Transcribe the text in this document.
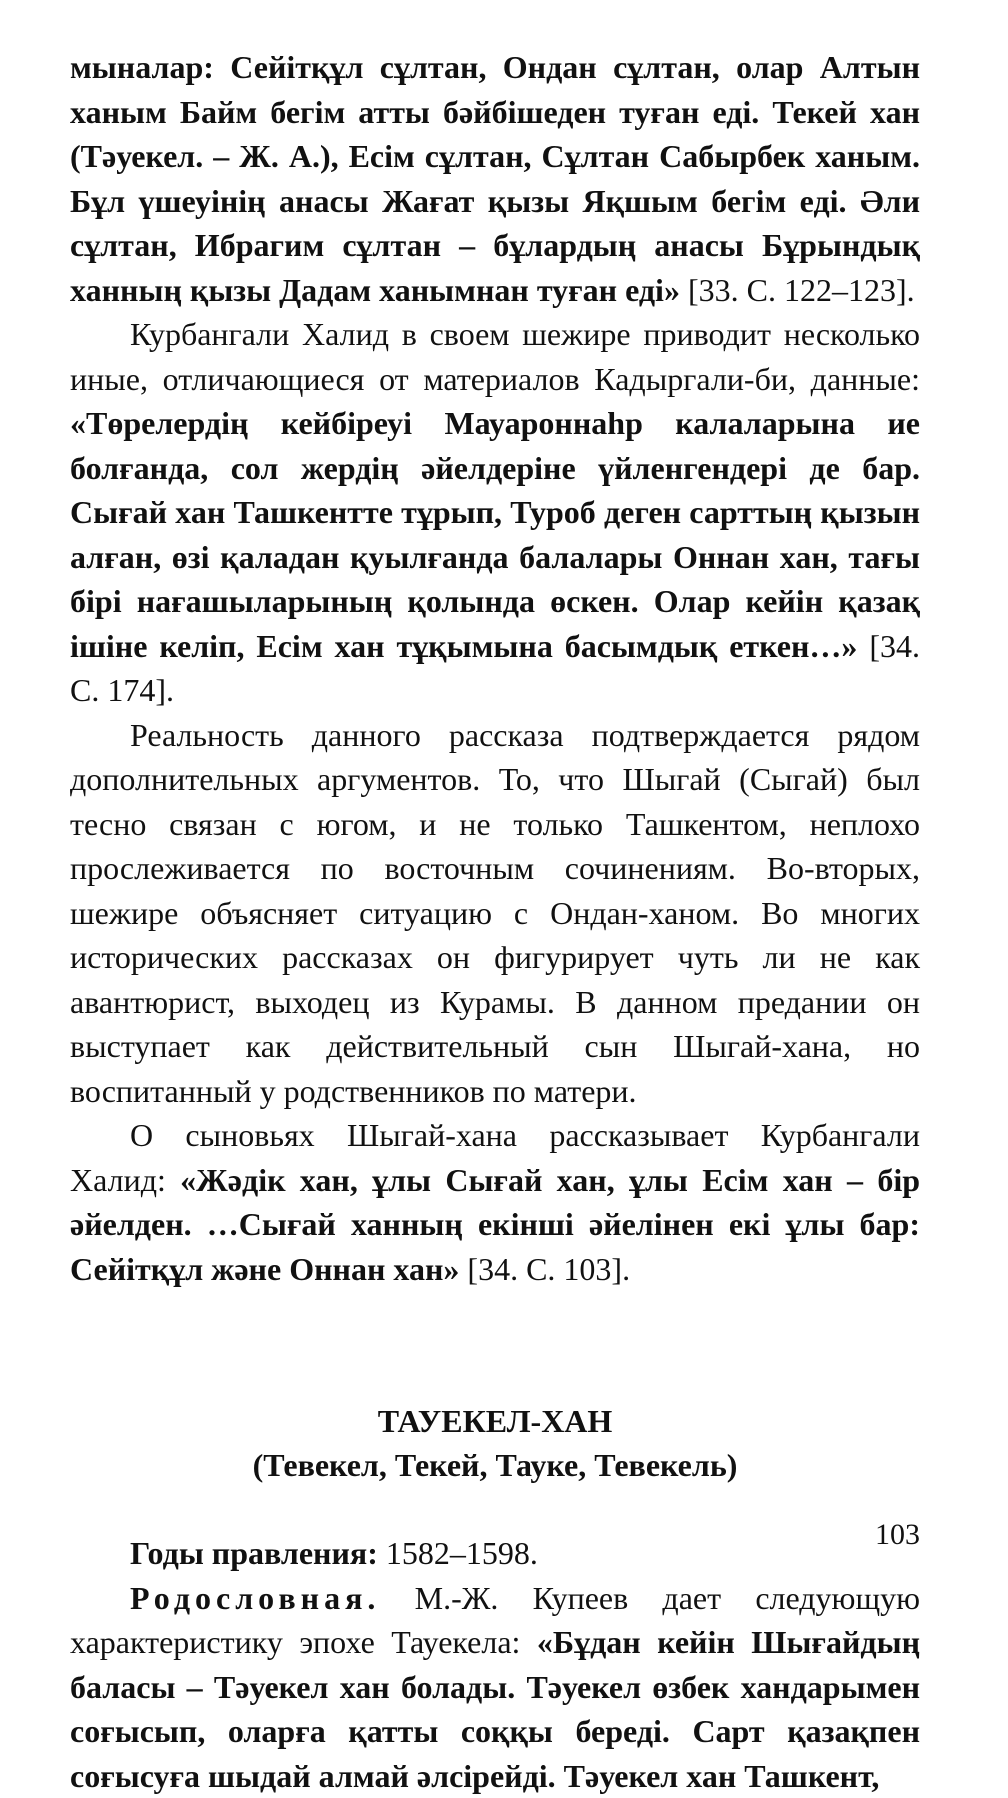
мыналар: Сейітқұл сұлтан, Ондан сұлтан, олар Алтын ханым Байм бегім атты бәйбішеден туған еді. Текей хан (Тәуекел. – Ж. А.), Есім сұлтан, Сұлтан Сабырбек ханым. Бұл үшеуінің анасы Жағат қызы Яқшым бегім еді. Әли сұлтан, Ибрагим сұлтан – бұлардың анасы Бұрындық ханның қызы Дадам ханымнан туған еді» [33. С. 122–123].

Курбангали Халид в своем шежире приводит несколько иные, отличающиеся от материалов Кадыргали-би, данные: «Төрелердің кейбіреуі Мауароннаһр калаларына ие болғанда, сол жердің әйелдеріне үйленгендері де бар. Сығай хан Ташкентте тұрып, Туроб деген сарттың қызын алған, өзі қаладан қуылғанда балалары Оннан хан, тағы бірі нағашыларының қолында өскен. Олар кейін қазақ ішіне келіп, Есім хан тұқымына басымдық еткен…» [34. С. 174].

Реальность данного рассказа подтверждается рядом дополнительных аргументов. То, что Шыгай (Сыгай) был тесно связан с югом, и не только Ташкентом, неплохо прослеживается по восточным сочинениям. Во-вторых, шежире объясняет ситуацию с Ондан-ханом. Во многих исторических рассказах он фигурирует чуть ли не как авантюрист, выходец из Курамы. В данном предании он выступает как действительный сын Шыгай-хана, но воспитанный у родственников по матери.

О сыновьях Шыгай-хана рассказывает Курбангали Халид: «Жәдік хан, ұлы Сығай хан, ұлы Есім хан – бір әйелден. …Сығай ханның екінші әйелінен екі ұлы бар: Сейітқұл және Оннан хан» [34. С. 103].

ТАУЕКЕЛ-ХАН
(Тевекел, Текей, Тауке, Тевекель)

Годы правления: 1582–1598.

Родословная. М.-Ж. Купеев дает следующую характеристику эпохе Тауекела: «Бұдан кейін Шығайдың баласы – Тәуекел хан болады. Тәуекел өзбек хандарымен соғысып, оларға қатты соққы береді. Сарт қазақпен соғысуға шыдай алмай әлсірейді. Тәуекел хан Ташкент,

103
